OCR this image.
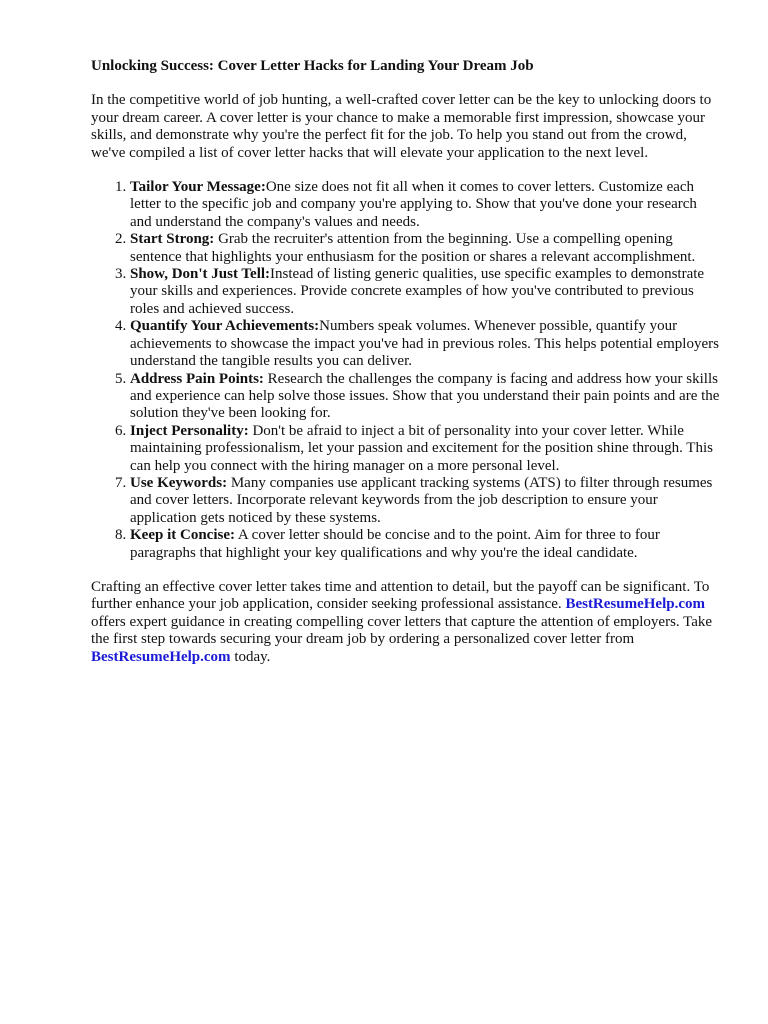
Unlocking Success: Cover Letter Hacks for Landing Your Dream Job

In the competitive world of job hunting, a well-crafted cover letter can be the key to unlocking doors to your dream career. A cover letter is your chance to make a memorable first impression, showcase your skills, and demonstrate why you're the perfect fit for the job. To help you stand out from the crowd, we've compiled a list of cover letter hacks that will elevate your application to the next level.

1. Tailor Your Message:One size does not fit all when it comes to cover letters. Customize each letter to the specific job and company you're applying to. Show that you've done your research and understand the company's values and needs.
2. Start Strong: Grab the recruiter's attention from the beginning. Use a compelling opening sentence that highlights your enthusiasm for the position or shares a relevant accomplishment.
3. Show, Don't Just Tell:Instead of listing generic qualities, use specific examples to demonstrate your skills and experiences. Provide concrete examples of how you've contributed to previous roles and achieved success.
4. Quantify Your Achievements:Numbers speak volumes. Whenever possible, quantify your achievements to showcase the impact you've had in previous roles. This helps potential employers understand the tangible results you can deliver.
5. Address Pain Points: Research the challenges the company is facing and address how your skills and experience can help solve those issues. Show that you understand their pain points and are the solution they've been looking for.
6. Inject Personality: Don't be afraid to inject a bit of personality into your cover letter. While maintaining professionalism, let your passion and excitement for the position shine through. This can help you connect with the hiring manager on a more personal level.
7. Use Keywords: Many companies use applicant tracking systems (ATS) to filter through resumes and cover letters. Incorporate relevant keywords from the job description to ensure your application gets noticed by these systems.
8. Keep it Concise: A cover letter should be concise and to the point. Aim for three to four paragraphs that highlight your key qualifications and why you're the ideal candidate.

Crafting an effective cover letter takes time and attention to detail, but the payoff can be significant. To further enhance your job application, consider seeking professional assistance. BestResumeHelp.com offers expert guidance in creating compelling cover letters that capture the attention of employers. Take the first step towards securing your dream job by ordering a personalized cover letter from BestResumeHelp.com today.
